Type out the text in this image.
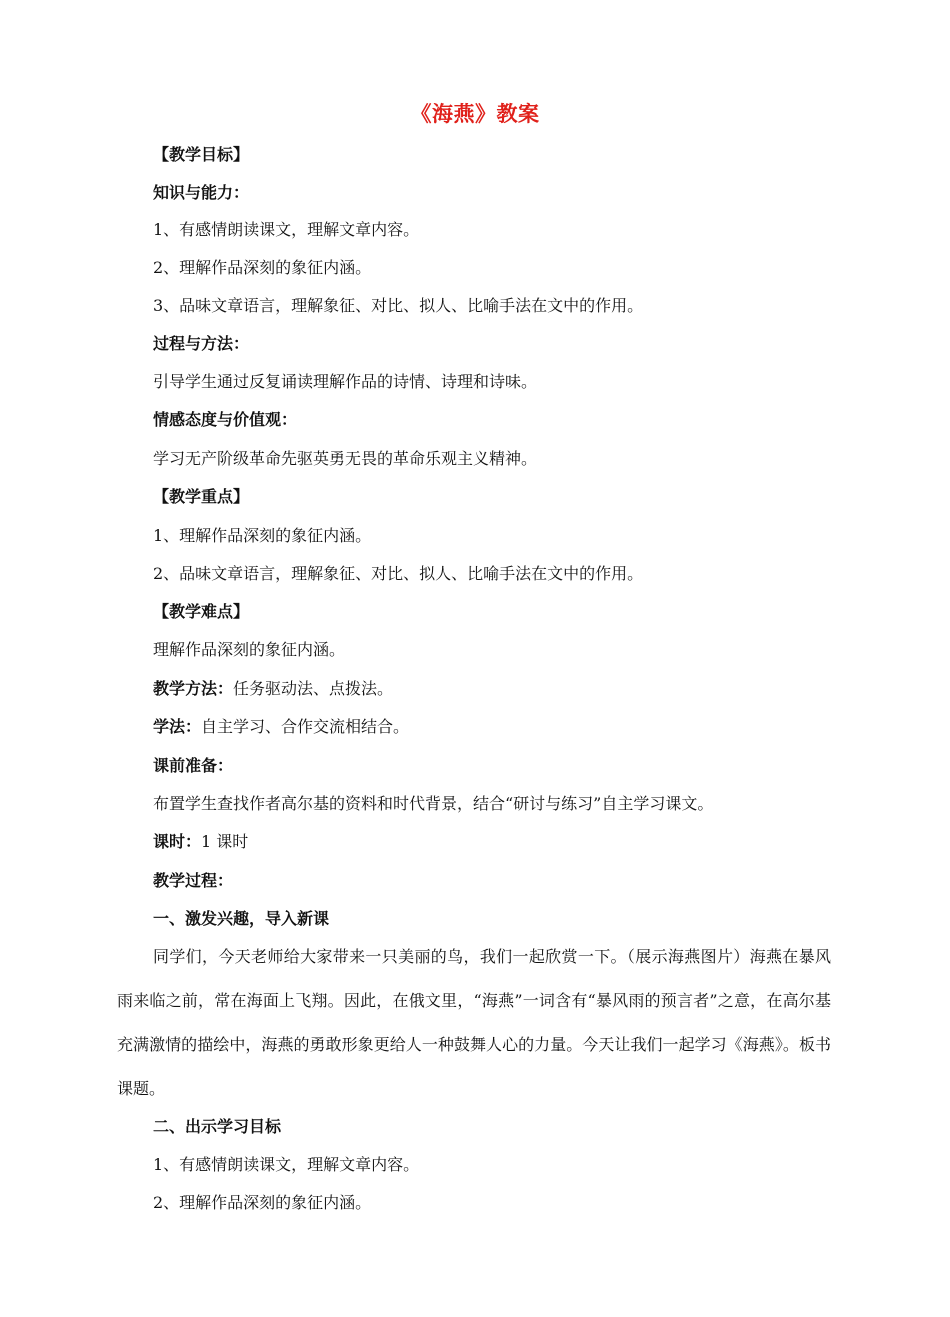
《海燕》教案
【教学目标】
知识与能力：
1、有感情朗读课文，理解文章内容。
2、理解作品深刻的象征内涵。
3、品味文章语言，理解象征、对比、拟人、比喻手法在文中的作用。
过程与方法：
引导学生通过反复诵读理解作品的诗情、诗理和诗味。
情感态度与价值观：
学习无产阶级革命先驱英勇无畏的革命乐观主义精神。
【教学重点】
1、理解作品深刻的象征内涵。
2、品味文章语言，理解象征、对比、拟人、比喻手法在文中的作用。
【教学难点】
理解作品深刻的象征内涵。
教学方法：任务驱动法、点拨法。
学法：自主学习、合作交流相结合。
课前准备：
布置学生查找作者高尔基的资料和时代背景，结合“研讨与练习”自主学习课文。
课时：1 课时
教学过程：
一、激发兴趣，导入新课
同学们，今天老师给大家带来一只美丽的鸟，我们一起欣赏一下。（展示海燕图片）海燕在暴风雨来临之前，常在海面上飞翔。因此，在俄文里，“海燕”一词含有“暴风雨的预言者”之意，在高尔基充满激情的描绘中，海燕的勇敢形象更给人一种鼓舞人心的力量。今天让我们一起学习《海燕》。板书课题。
二、出示学习目标
1、有感情朗读课文，理解文章内容。
2、理解作品深刻的象征内涵。
